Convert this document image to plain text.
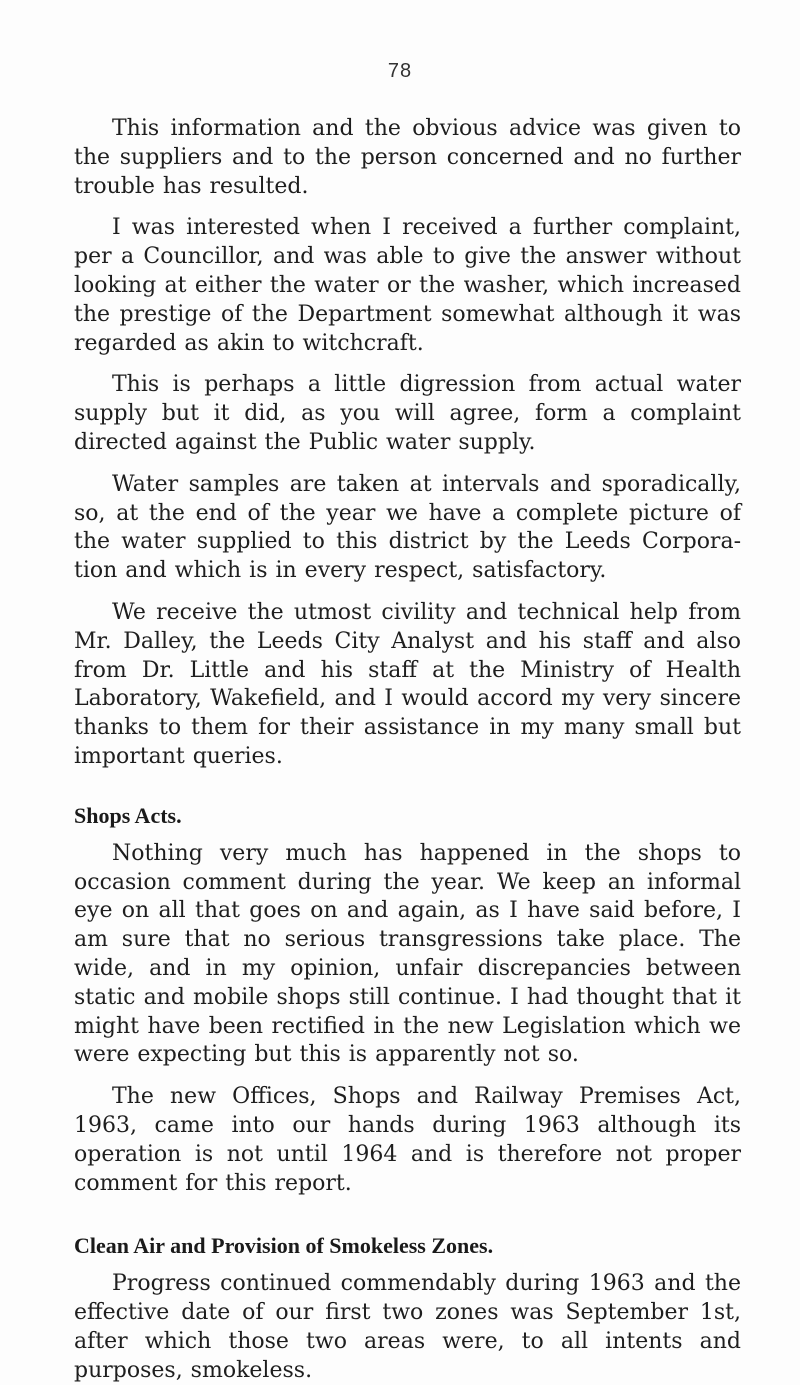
78

This information and the obvious advice was given to the suppliers and to the person concerned and no further trouble has resulted.

I was interested when I received a further complaint, per a Councillor, and was able to give the answer without looking at either the water or the washer, which increased the prestige of the Department somewhat although it was regarded as akin to witchcraft.

This is perhaps a little digression from actual water supply but it did, as you will agree, form a complaint directed against the Public water supply.

Water samples are taken at intervals and sporadically, so, at the end of the year we have a complete picture of the water supplied to this district by the Leeds Corpora- tion and which is in every respect, satisfactory.

We receive the utmost civility and technical help from Mr. Dalley, the Leeds City Analyst and his staff and also from Dr. Little and his staff at the Ministry of Health Laboratory, Wakefield, and I would accord my very sincere thanks to them for their assistance in my many small but important queries.

Shops Acts.

Nothing very much has happened in the shops to occasion comment during the year. We keep an informal eye on all that goes on and again, as I have said before, I am sure that no serious transgressions take place. The wide, and in my opinion, unfair discrepancies between static and mobile shops still continue. I had thought that it might have been rectified in the new Legislation which we were expecting but this is apparently not so.

The new Offices, Shops and Railway Premises Act, 1963, came into our hands during 1963 although its operation is not until 1964 and is therefore not proper comment for this report.

Clean Air and Provision of Smokeless Zones.

Progress continued commendably during 1963 and the effective date of our first two zones was September 1st, after which those two areas were, to all intents and purposes, smokeless.
